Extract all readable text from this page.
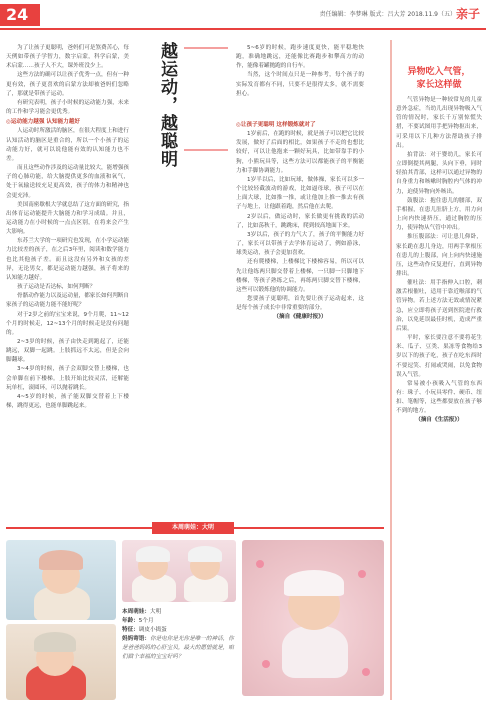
24	责任编辑：李梦琳 版式：吕大芳 2018.11.9（五） 亲子

为了让孩子更聪明，爸妈们可是煞费苦心，每天例如带孩子学智力，数字启蒙，科学启蒙，美术启蒙……孩子人不大，课外班没少上。

这些方法的确可以让孩子优秀一点，但有一种更有效，孩子更喜欢的启蒙方法却被爸妈们忽略了，那就是带孩子运动。

有研究表明，孩子小时候的运动能力强，未来的工作和学习能会更优秀。

◎运动能力越强 认知能力越好

人运动时所激活的脑区，在很大程度上和进行认知活动的脑区是重合的，所以一个小孩子的运动能力好，就可以说他能有效的认知能力也不差。

而且这些动作涉及的运动量比较大，能增强孩子的心肺功能，给大脑提供更多的血液和氧气，处于氧输送较充足更高效，孩子的体力和精神也会更充沛。

美国南密歇根大学就总结了这方面的研究，指出体育运动能提升大脑能力和学习成绩。并且，运动能力在小时候的一点点区别，在将来会产生大影响。

东苏兰大学的一项研究也发现，在小学运动能力比较差的孩子，在之后3年里，阅读和数学能力也比其他孩子差。而且这没有另外和女孩的差异，无论男女，都是运动能力越强，孩子将来的认知能力越好。

孩子运动是否达标，如何判断？

骨骼动作能力以及运动量，都家长如何判断自家孩子的运动能力能不能好呢？

对于2岁之前的宝宝来说，9个月爬，11~12个月的时候走，12~13个月的时候走是没有问题的。

2~3岁的时候，孩子由快走到跑起了，还能跳远，双脚一起跳。上肢抓远不太远，但是会向脚翻球。

3~4岁的时候，孩子会双脚交替上楼梯，也会单脚在前下楼梯。上肢开始比较灵活，还解能玩单杠，滚圆环，可以抛着跳长。

4~5岁的时候，孩子能双脚交替着上下楼梯，跳得更远，也能单脚跳起来。

越运动，越聪明	5~6岁的时候，跑步速度更快，能平稳地快跑，准确地跳远，还能像比赛跑步和攀高方的动作，能像着罐抛跑的自行车。

当然，这个时间点只是一种参考，每个孩子的实际发育都有不同，只要不是很得太多，就不需要担心。

◎让孩子更聪明 这样锻炼就对了

1岁前后，在跑的时候，就是孩子可以把它比较发展，做好了后面的相比，如果孩子不走的也想比较好，可以让他抱来一颗好玩具，比如带靠手的小狗，小熊玩具等，这些方法可以都能孩子的平衡能力和手脚协调能力。

1岁半以后，比如玩球，做体操，家长可以多一个比较轻截波动的游戏，比如逼母球，孩子可以在上面大球，比如推一推，或让他加上推一推去有孩子与地上，让他跟着跑，然后他在去爬。

2岁以后，做运动时，家长做更有挑战的活动了，比如荡秋千，跳跳床，爬到较高地面下来。

3岁以后，孩子的力气大了，孩子的平衡能力好了，家长可以带孩子去学体育运动了，例如游泳，球类运动，孩子会更加喜欢。

还有爬楼梯，上楼梯比下楼梯容易，所以可以先让他练两只脚交替着上楼梯，一只脚一只脚地下楼梯，等孩子熟练之后，再练两只脚交替下楼梯，这些可以锻炼他的协调能力。

您要孩子更聪明，首先要让孩子运动起来，这是每个孩子成长中非常重要的部分。

（摘自《健康时报》）

异物吃入气管，
家长这样做

气管异物是一种较常见的儿童意外急症，当幼儿出现异物吸入气管的情况时，家长千万别惊慌失措，不要试图用手把异物抠出来，可采用以下几种方法帮助孩子排出。

拍背法：对于婴幼儿，家长可立即倒提其两腿，头向下垂，同时轻拍其背部，这样可以通过异物的自身重力和咳嗽时胸腔内气体的冲力，迫使异物向外咳出。

鼓腹法：抱住患儿的腰部，双手相握，在患儿肚脐上方，用力向上向内快速挤压，通过胸腔的压力，使异物从气管中冲出。

推压腹部法：可让患儿仰卧，家长跪在患儿身边，用两手掌根压在患儿的上腹部，向上向内快速施压，这些动作反复进行，直到异物排出。

催吐法：用手指伸入口腔，刺激舌根催吐，适用于靠近喉部的气管异物。若上述方法无效或情况紧急，应立即将孩子送到医院进行救治，以免延误最佳时机，造成严重后果。

平时，家长要注意不要将花生米、瓜子、豆类、果冻等食物给3岁以下的孩子吃，孩子在吃东西时不要逗笑、打闹或哭闹，以免食物误入气管。

常易被小孩吸入气管的东西有：珠子、小玩具零件、硬币、纽扣、笔帽等，这些都要放在孩子够不到的地方。

（摘自《生活报》）

本周萌娃：大明
本周萌娃：大明
年龄：5个月
特征：调皮小捣蛋
妈妈寄语：你是电你是光你是唯一的神话，你是爸爸妈妈的心肝宝贝，最大的愿望就是，咱们做个幸福的宝宝好吗？
